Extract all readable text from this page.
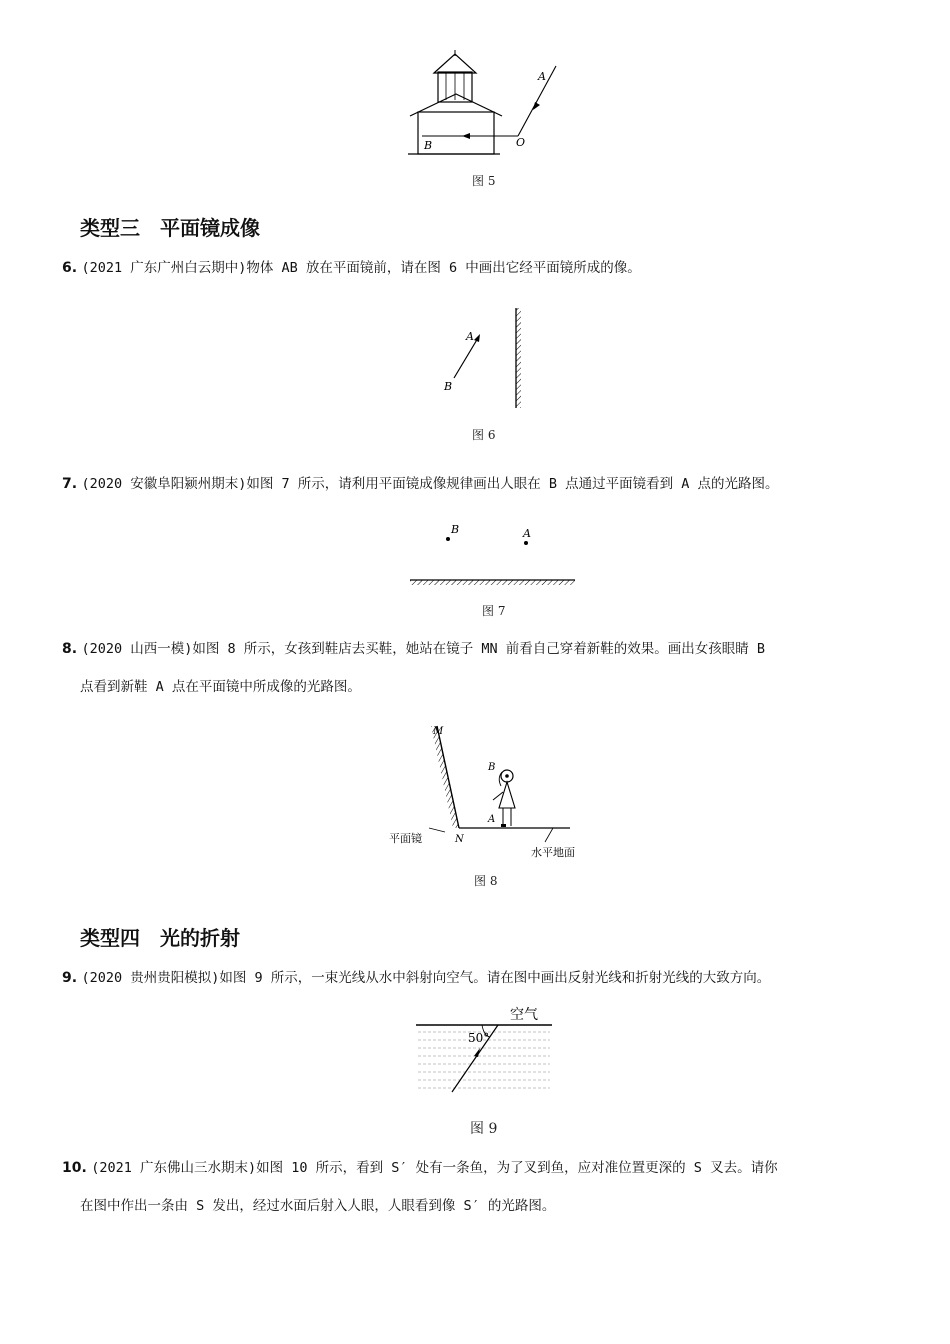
A
B	O
图 5
类型三　平面镜成像
6. (2021 广东广州白云期中)物体 AB 放在平面镜前，请在图 6 中画出它经平面镜所成的像。
A
B
图 6
7. (2020 安徽阜阳颍州期末)如图 7 所示，请利用平面镜成像规律画出人眼在 B 点通过平面镜看到 A 点的光路图。
B	A
图 7
8. (2020 山西一模)如图 8 所示，女孩到鞋店去买鞋，她站在镜子 MN 前看自己穿着新鞋的效果。画出女孩眼睛 B
点看到新鞋 A 点在平面镜中所成像的光路图。
M
N
B
A
平面镜
水平地面
图 8
类型四　光的折射
9. (2020 贵州贵阳模拟)如图 9 所示，一束光线从水中斜射向空气。请在图中画出反射光线和折射光线的大致方向。
空气
50°
图 9
10. (2021 广东佛山三水期末)如图 10 所示，看到 S′ 处有一条鱼，为了叉到鱼，应对准位置更深的 S 叉去。请你
在图中作出一条由 S 发出，经过水面后射入人眼，人眼看到像 S′ 的光路图。
